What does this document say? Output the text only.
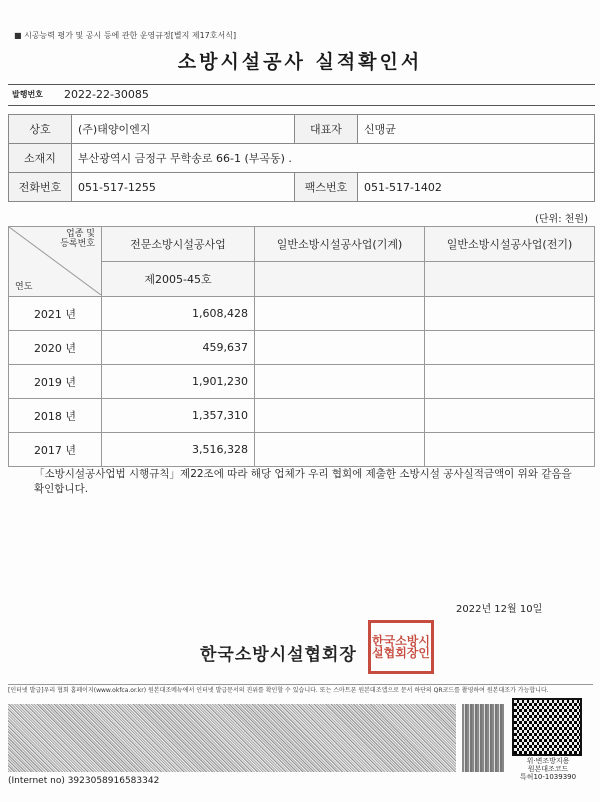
■ 시공능력 평가 및 공시 등에 관한 운영규정[별지 제17호서식]
소방시설공사 실적확인서
발행번호 2022-22-30085
상호	(주)태양이엔지	대표자	신맹균
소재지	부산광역시 금정구 무학송로 66-1 (부곡동) .		
전화번호	051-517-1255	팩스번호	051-517-1402
(단위: 천원)
업종 및
등록번호
연도	전문소방시설공사업	일반소방시설공사업(기계)	일반소방시설공사업(전기)
	제2005-45호		
2021 년	1,608,428		
2020 년	459,637		
2019 년	1,901,230		
2018 년	1,357,310		
2017 년	3,516,328		
「소방시설공사업법 시행규칙」제22조에 따라 해당 업체가 우리 협회에 제출한 소방시설 공사실적금액이 위와 같음을 확인합니다.
2022년 12월 10일
한국소방시설협회장
한국소방시설협회장인
[인터넷 발급]우리 협회 홈페이지(www.okfca.or.kr) 원본대조메뉴에서 인터넷 발급문서의 진위를 확인할 수 있습니다. 또는 스마트폰 원본대조앱으로 문서 하단의 QR코드를 촬영하여 원본대조가 가능합니다.
위·변조방지용
원본대조코드
특허10-1039390
(Internet no) 3923058916583342
